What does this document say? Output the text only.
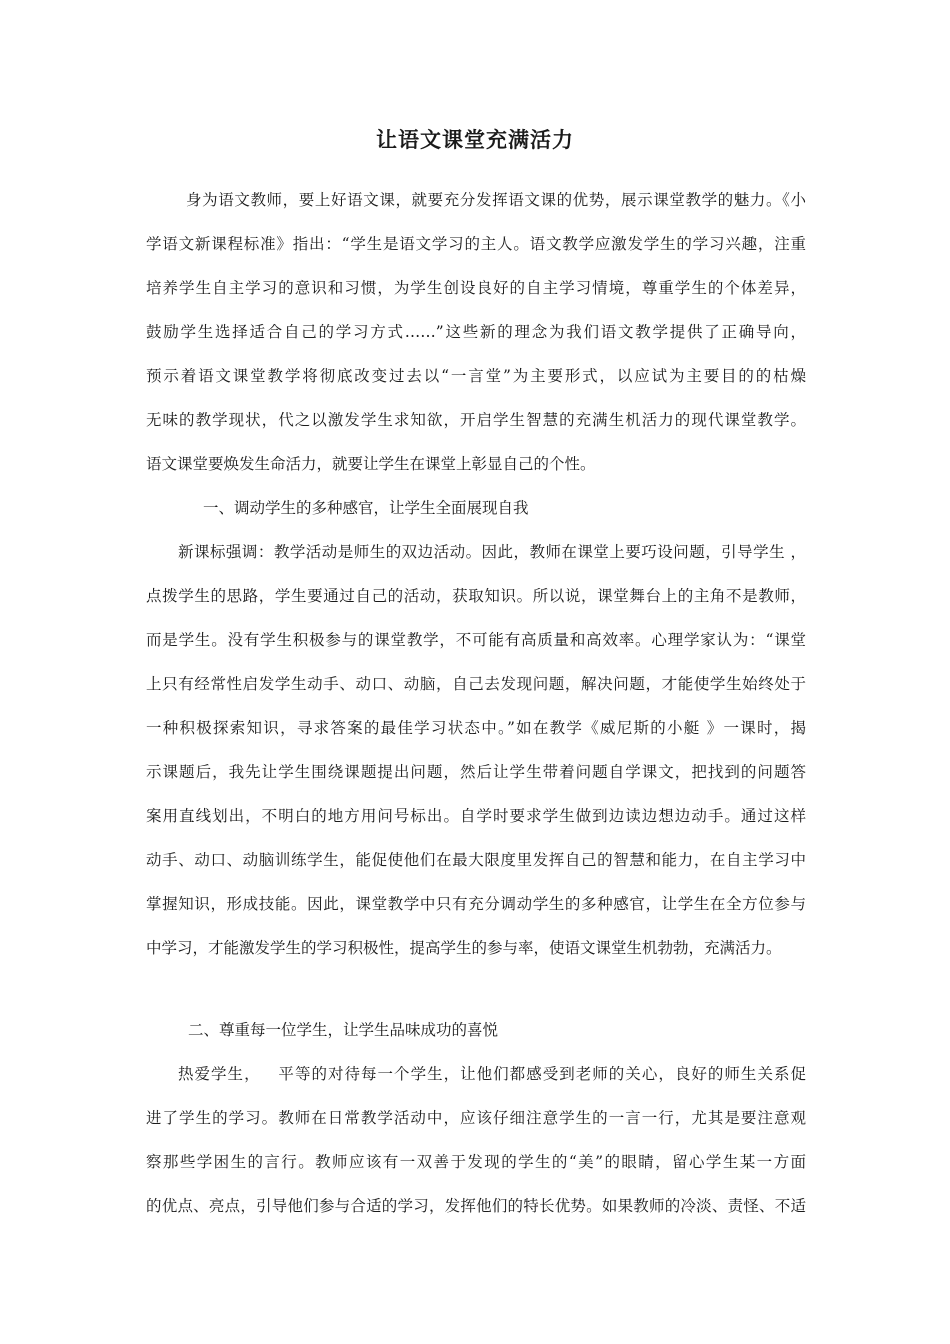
让语文课堂充满活力
身为语文教师，要上好语文课，就要充分发挥语文课的优势，展示课堂教学的魅力。《小
学语文新课程标准》指出：“学生是语文学习的主人。语文教学应激发学生的学习兴趣，注重
培养学生自主学习的意识和习惯，为学生创设良好的自主学习情境，尊重学生的个体差异，
鼓励学生选择适合自己的学习方式……”这些新的理念为我们语文教学提供了正确导向，
预示着语文课堂教学将彻底改变过去以“一言堂”为主要形式，以应试为主要目的的枯燥
无味的教学现状，代之以激发学生求知欲，开启学生智慧的充满生机活力的现代课堂教学。
语文课堂要焕发生命活力，就要让学生在课堂上彰显自己的个性。
一、调动学生的多种感官，让学生全面展现自我
新课标强调：教学活动是师生的双边活动。因此，教师在课堂上要巧设问题，引导学生 ，
点拨学生的思路，学生要通过自己的活动，获取知识。所以说，课堂舞台上的主角不是教师，
而是学生。没有学生积极参与的课堂教学，不可能有高质量和高效率。心理学家认为：“课堂
上只有经常性启发学生动手、动口、动脑，自己去发现问题，解决问题，才能使学生始终处于
一种积极探索知识，寻求答案的最佳学习状态中。”如在教学《威尼斯的小艇 》一课时，揭
示课题后，我先让学生围绕课题提出问题，然后让学生带着问题自学课文，把找到的问题答
案用直线划出，不明白的地方用问号标出。自学时要求学生做到边读边想边动手。通过这样
动手、动口、动脑训练学生，能促使他们在最大限度里发挥自己的智慧和能力，在自主学习中
掌握知识，形成技能。因此，课堂教学中只有充分调动学生的多种感官，让学生在全方位参与
中学习，才能激发学生的学习积极性，提高学生的参与率，使语文课堂生机勃勃，充满活力。
二、尊重每一位学生，让学生品味成功的喜悦
热爱学生，   平等的对待每一个学生，让他们都感受到老师的关心，良好的师生关系促
进了学生的学习。教师在日常教学活动中，应该仔细注意学生的一言一行，尤其是要注意观
察那些学困生的言行。教师应该有一双善于发现的学生的“美”的眼睛，留心学生某一方面
的优点、亮点，引导他们参与合适的学习，发挥他们的特长优势。如果教师的冷淡、责怪、不适
